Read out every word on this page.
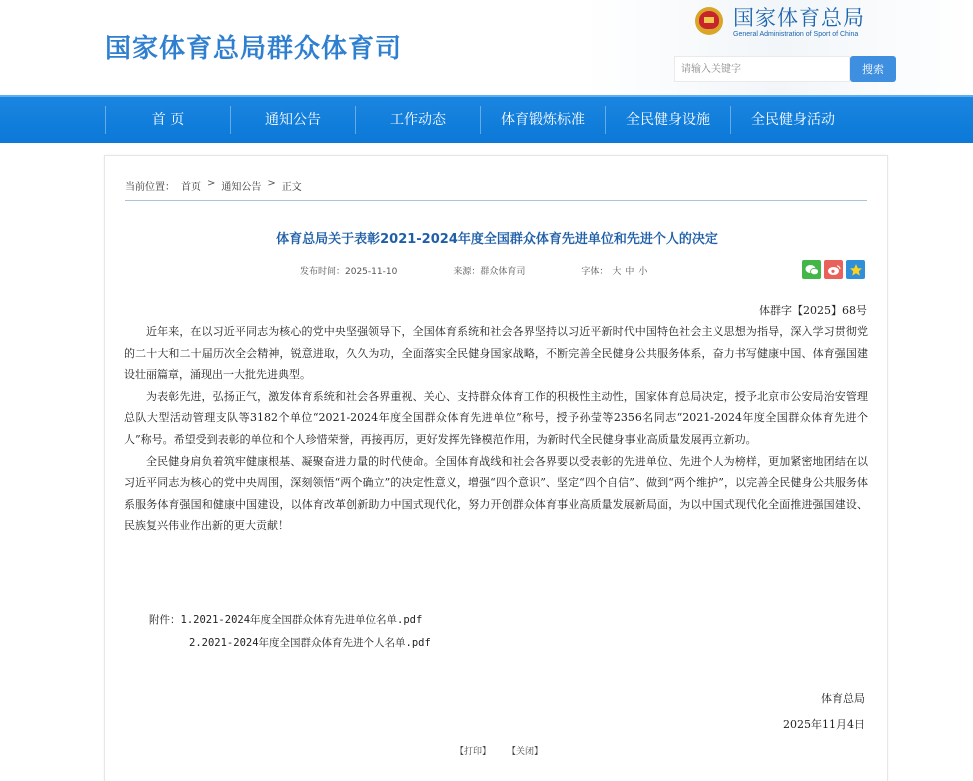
国家体育总局群众体育司
国家体育总局
General Administration of Sport of China
请输入关键字
搜索
首 页	通知公告	工作动态	体育锻炼标准	全民健身设施	全民健身活动
当前位置： 首页 > 通知公告 > 正文
体育总局关于表彰2021-2024年度全国群众体育先进单位和先进个人的决定
发布时间：2025-11-10	来源：群众体育司	字体： 大 中 小
体群字【2025】68号

近年来，在以习近平同志为核心的党中央坚强领导下，全国体育系统和社会各界坚持以习近平新时代中国特色社会主义思想为指导，深入学习贯彻党的二十大和二十届历次全会精神，锐意进取，久久为功，全面落实全民健身国家战略，不断完善全民健身公共服务体系，奋力书写健康中国、体育强国建设壮丽篇章，涌现出一大批先进典型。

为表彰先进，弘扬正气，激发体育系统和社会各界重视、关心、支持群众体育工作的积极性主动性，国家体育总局决定，授予北京市公安局治安管理总队大型活动管理支队等3182个单位“2021-2024年度全国群众体育先进单位”称号，授予孙莹等2356名同志“2021-2024年度全国群众体育先进个人”称号。希望受到表彰的单位和个人珍惜荣誉，再接再厉，更好发挥先锋模范作用，为新时代全民健身事业高质量发展再立新功。

全民健身肩负着筑牢健康根基、凝聚奋进力量的时代使命。全国体育战线和社会各界要以受表彰的先进单位、先进个人为榜样，更加紧密地团结在以习近平同志为核心的党中央周围，深刻领悟“两个确立”的决定性意义，增强“四个意识”、坚定“四个自信”、做到“两个维护”，以完善全民健身公共服务体系服务体育强国和健康中国建设，以体育改革创新助力中国式现代化，努力开创群众体育事业高质量发展新局面，为以中国式现代化全面推进强国建设、民族复兴伟业作出新的更大贡献！

附件：1.2021-2024年度全国群众体育先进单位名单.pdf
2.2021-2024年度全国群众体育先进个人名单.pdf
体育总局
2025年11月4日
【打印】 【关闭】
